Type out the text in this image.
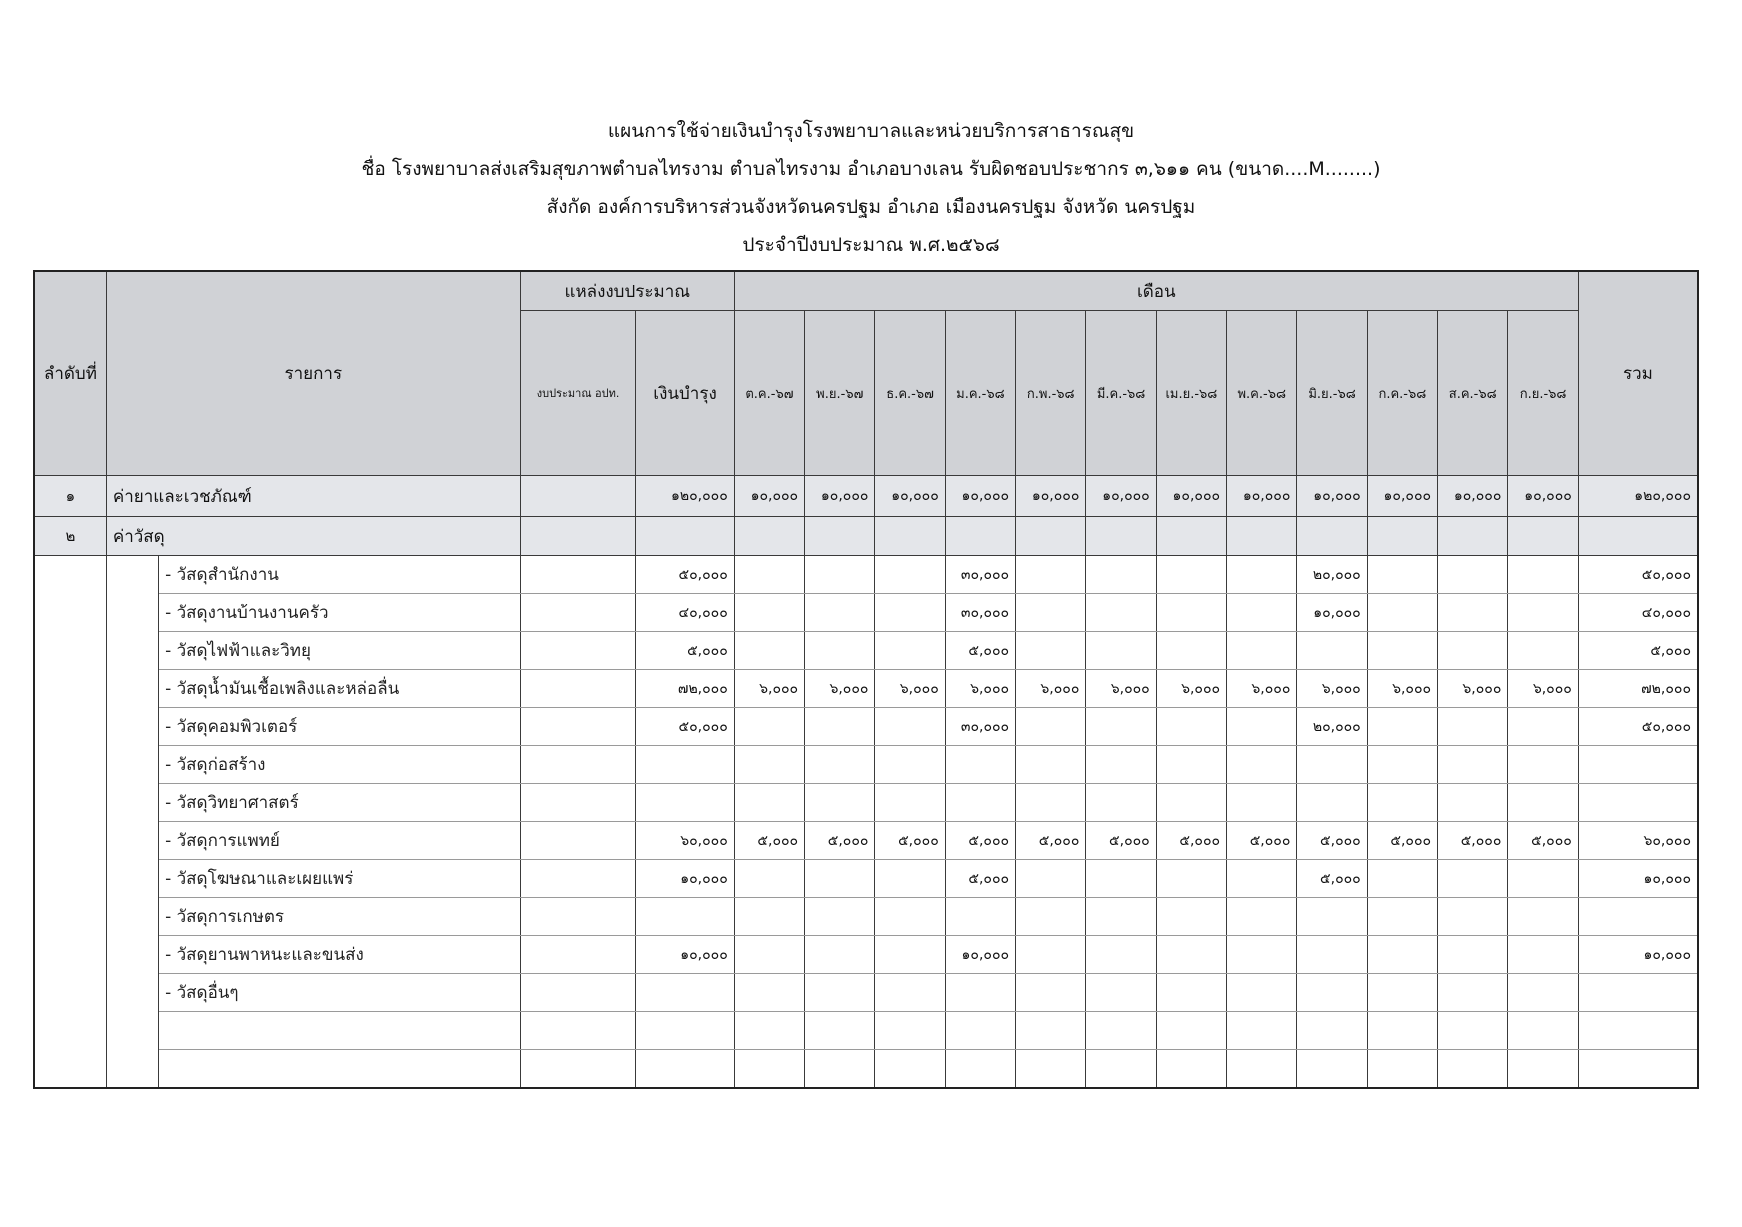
แผนการใช้จ่ายเงินบำรุงโรงพยาบาลและหน่วยบริการสาธารณสุข
ชื่อ โรงพยาบาลส่งเสริมสุขภาพตำบลไทรงาม ตำบลไทรงาม อำเภอบางเลน รับผิดชอบประชากร ๓,๖๑๑ คน (ขนาด....M........)
สังกัด องค์การบริหารส่วนจังหวัดนครปฐม อำเภอ เมืองนครปฐม จังหวัด นครปฐม
ประจำปีงบประมาณ พ.ศ.๒๕๖๘
ลำดับที่	รายการ		แหล่งงบประมาณ		เดือน												รวม
			งบประมาณ อปท.	เงินบำรุง	ต.ค.-๖๗	พ.ย.-๖๗	ธ.ค.-๖๗	ม.ค.-๖๘	ก.พ.-๖๘	มี.ค.-๖๘	เม.ย.-๖๘	พ.ค.-๖๘	มิ.ย.-๖๘	ก.ค.-๖๘	ส.ค.-๖๘	ก.ย.-๖๘	
๑	ค่ายาและเวชภัณฑ์			๑๒๐,๐๐๐	๑๐,๐๐๐	๑๐,๐๐๐	๑๐,๐๐๐	๑๐,๐๐๐	๑๐,๐๐๐	๑๐,๐๐๐	๑๐,๐๐๐	๑๐,๐๐๐	๑๐,๐๐๐	๑๐,๐๐๐	๑๐,๐๐๐	๑๐,๐๐๐	๑๒๐,๐๐๐
๒	ค่าวัสดุ																
		- วัสดุสำนักงาน		๕๐,๐๐๐				๓๐,๐๐๐					๒๐,๐๐๐				๕๐,๐๐๐
		- วัสดุงานบ้านงานครัว		๔๐,๐๐๐				๓๐,๐๐๐					๑๐,๐๐๐				๔๐,๐๐๐
		- วัสดุไฟฟ้าและวิทยุ		๕,๐๐๐				๕,๐๐๐									๕,๐๐๐
		- วัสดุน้ำมันเชื้อเพลิงและหล่อลื่น		๗๒,๐๐๐	๖,๐๐๐	๖,๐๐๐	๖,๐๐๐	๖,๐๐๐	๖,๐๐๐	๖,๐๐๐	๖,๐๐๐	๖,๐๐๐	๖,๐๐๐	๖,๐๐๐	๖,๐๐๐	๖,๐๐๐	๗๒,๐๐๐
		- วัสดุคอมพิวเตอร์		๕๐,๐๐๐				๓๐,๐๐๐					๒๐,๐๐๐				๕๐,๐๐๐
		- วัสดุก่อสร้าง															
		- วัสดุวิทยาศาสตร์															
		- วัสดุการแพทย์		๖๐,๐๐๐	๕,๐๐๐	๕,๐๐๐	๕,๐๐๐	๕,๐๐๐	๕,๐๐๐	๕,๐๐๐	๕,๐๐๐	๕,๐๐๐	๕,๐๐๐	๕,๐๐๐	๕,๐๐๐	๕,๐๐๐	๖๐,๐๐๐
		- วัสดุโฆษณาและเผยแพร่		๑๐,๐๐๐				๕,๐๐๐					๕,๐๐๐				๑๐,๐๐๐
		- วัสดุการเกษตร															
		- วัสดุยานพาหนะและขนส่ง		๑๐,๐๐๐				๑๐,๐๐๐									๑๐,๐๐๐
		- วัสดุอื่นๆ															
